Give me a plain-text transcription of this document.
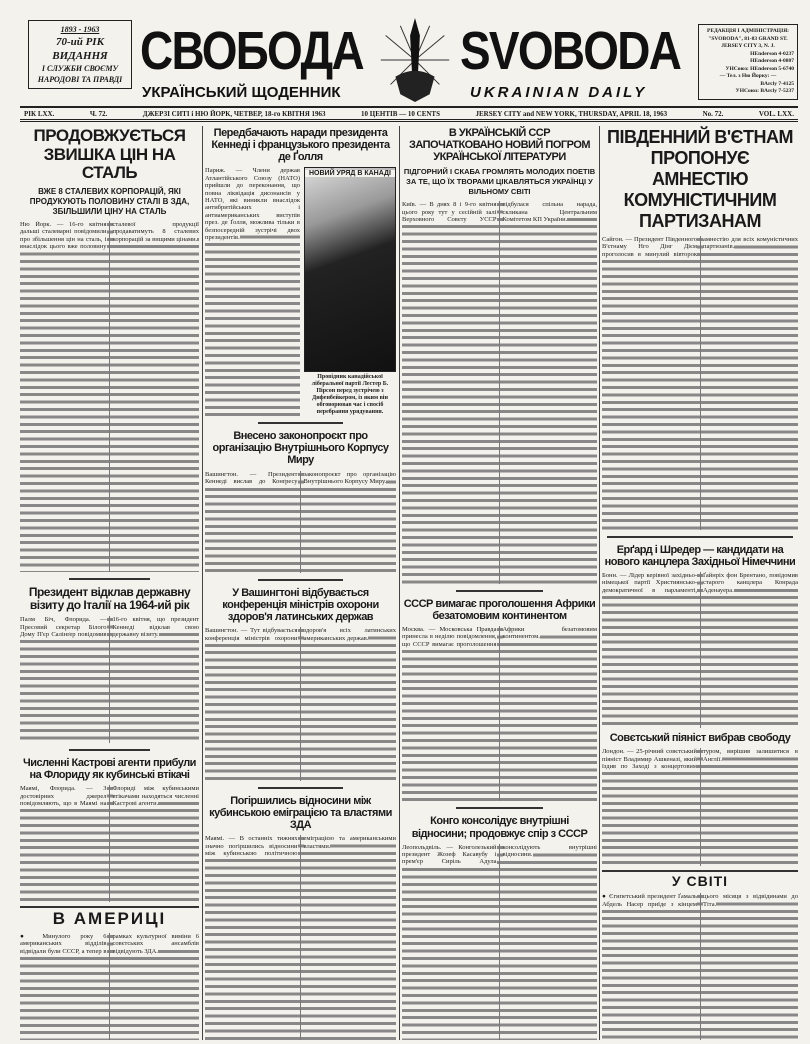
1893 - 1963
70-ий РІК ВИДАННЯ
І СЛУЖБИ СВОЄМУ
НАРОДОВІ ТА ПРАВДІ СВОБОДА SVOBODA
УКРАЇНСЬКИЙ ЩОДЕННИК	UKRAINIAN DAILY
РЕДАКЦІЯ І АДМІНІСТРАЦІЯ:
"SVOBODA", 81-83 GRAND ST.
JERSEY CITY 3, N. J.
HEnderson 4-0237
HEnderson 4-0807
УНСоюз: HEnderson 5-6740
— Тел. з Ню Йорку: —
BArcly 7-4125
УНСоюз: BArcly 7-5237
РІК LXX.	Ч. 72.	ДЖЕРЗІ СИТІ і НЮ ЙОРК, ЧЕТВЕР, 18-го КВІТНЯ 1963	10 ЦЕНТІВ — 10 CENTS	JERSEY CITY and NEW YORK, THURSDAY, APRIL 18, 1963	No. 72.	VOL. LXX.
ПРОДОВЖУЄТЬСЯ ЗВИШКА ЦІН НА СТАЛЬ
ВЖЕ 8 СТАЛЕВИХ КОРПОРАЦІЙ, ЯКІ ПРОДУКУЮТЬ ПОЛОВИНУ СТАЛІ В ЗДА, ЗБІЛЬШИЛИ ЦІНУ НА СТАЛЬ
Ню Йорк. — 16-го квітня дальші сталеварні повідомили про збільшення цін на сталь, і внаслідок цього вже половину сталевої продукції продаватимуть 8 сталевих корпорацій за вищими цінами.
Президент відклав державну візиту до Італії на 1964-ий рік
Палм Біч, Флорида. — Пресовий секретар Білого Дому П'єр Салінґер повідомив 16-го квітня, що президент Кеннеді відклав свою державну візиту.
Численні Кастрові агенти прибули на Флориду як кубинські втікачі
Маямі, Флорида. — З достовірних джерел повідомляють, що в Маямі на Флориді між кубинськими втікачами находяться численні Кастрові агенти.
В АМЕРИЦІ
● Минулого року 6 американських відділів відвідали були СССР, а тепер в рамках культурної виміни 6 совєтських ансамблів відвідують ЗДА.
Передбачають наради президента Кеннеді і французького президента де Ґолля
Париж. — Члени держав Атлантійського Союзу (НАТО) прийшли до переконання, що повна ліквідація дисонансів у НАТО, які виникли внаслідок антибритійських і антиамериканських виступів през. де Ґолля, можлива тільки в безпосередній зустрічі двох президентів.
НОВИЙ УРЯД В КАНАДІ
Провідник канадійської ліберальної партії Лестер Б. Пірсон перед зустрічею з Дифенбейкером, із яким він обговорював час і спосіб перебрання урядування.
Внесено законопроєкт про організацію Внутрішнього Корпусу Миру
Вашингтон. — Президент Кеннеді вислав до Конґресу законопроєкт про організацію Внутрішнього Корпусу Миру.
У Вашингтоні відбувається конференція міністрів охорони здоров'я латинських держав
Вашингтон. — Тут відбувається конференція міністрів охорони здоров'я всіх латинських американських держав.
Погіршились відносини між кубинською еміграцією та властями ЗДА
Маямі. — В останніх тижнях значно погіршились відносини між кубинською політичною еміграцією та американськими властями.
В УКРАЇНСЬКІЙ ССР ЗАПОЧАТКОВАНО НОВИЙ ПОГРОМ УКРАЇНСЬКОЇ ЛІТЕРАТУРИ
ПІДГОРНИЙ І СКАБА ГРОМЛЯТЬ МОЛОДИХ ПОЕТІВ ЗА ТЕ, ЩО ЇХ ТВОРАМИ ЦІКАВЛЯТЬСЯ УКРАЇНЦІ У ВІЛЬНОМУ СВІТІ
Київ. — В днях 8 і 9-го квітня цього року тут у сесійній залі Верховного Совєту УССР відбулася спільна нарада, скликана Центральним Комітетом КП України.
СССР вимагає проголошення Африки безатомовим континентом
Москва. — Московська Правда принесла в неділю повідомлення, що СССР вимагає проголошення Африки безатомовим континентом.
Конго консолідує внутрішні відносини; продовжує спір з СССР
Леопольдвіль. — Конголезький президент Жозеф Касавубу і прем'єр Сиріль Адула консолідують внутрішні відносини.
ПІВДЕННИЙ В'ЄТНАМ ПРОПОНУЄ АМНЕСТІЮ КОМУНІСТИЧНИМ ПАРТИЗАНАМ
Сайгон. — Президент Південного В'єтнаму Нго Дінг Дієм проголосив в минулий вівторок амнестію для всіх комуністичних партизанів.
Ерґард і Шредер — кандидати на нового канцлера Західньої Німеччини
Бонн. — Лідер керівної західньо-німецької партії Християнсько-демократичної в парламенті, Ґайнріх фон Брентано, повідомив старого канцлера Конрада Аденауера.
Совєтський піяніст вибрав свободу
Лондон. — 25-річний совєтський піяніст Владимир Ашкеназі, який їздив по Заході з концертовим туром, вирішив залишитися в Англії.
У СВІТІ
● Єгипетський президент Ґамаль Абдель Насер приїде з кінцем цього місяця з відвідинами до Тіта.
